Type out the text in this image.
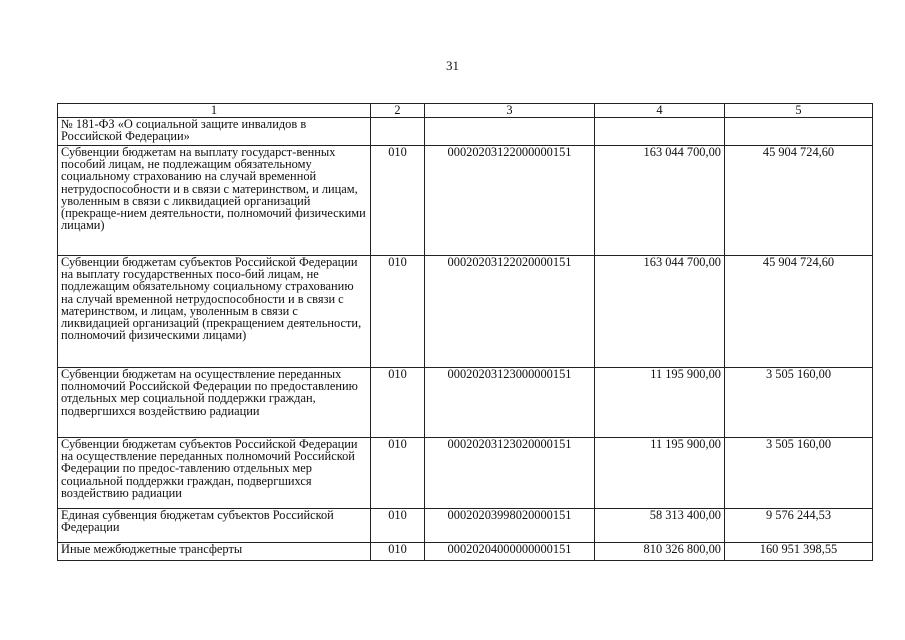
31
1	2	3	4	5
№ 181-ФЗ «О социальной защите инвалидов в Российской Федерации»				
Субвенции бюджетам на выплату государст-венных пособий лицам, не подлежащим обязательному социальному страхованию на случай временной нетрудоспособности и в связи с материнством, и лицам, уволенным в связи с ликвидацией организаций (прекраще-нием деятельности, полномочий физическими лицами)	010	00020203122000000151	163 044 700,00	45 904 724,60
Субвенции бюджетам субъектов Российской Федерации на выплату государственных посо-бий лицам, не подлежащим обязательному социальному страхованию на случай временной нетрудоспособности и в связи с материнством, и лицам, уволенным в связи с ликвидацией организаций (прекращением деятельности, полномочий физическими лицами)	010	00020203122020000151	163 044 700,00	45 904 724,60
Субвенции бюджетам на осуществление переданных полномочий Российской Федерации по предоставлению отдельных мер социальной поддержки граждан, подвергшихся воздействию радиации	010	00020203123000000151	11 195 900,00	3 505 160,00
Субвенции бюджетам субъектов Российской Федерации на осуществление переданных полномочий Российской Федерации по предос-тавлению отдельных мер социальной поддержки граждан, подвергшихся воздействию радиации	010	00020203123020000151	11 195 900,00	3 505 160,00
Единая субвенция бюджетам субъектов Российской Федерации	010	00020203998020000151	58 313 400,00	9 576 244,53
Иные межбюджетные трансферты	010	00020204000000000151	810 326 800,00	160 951 398,55
